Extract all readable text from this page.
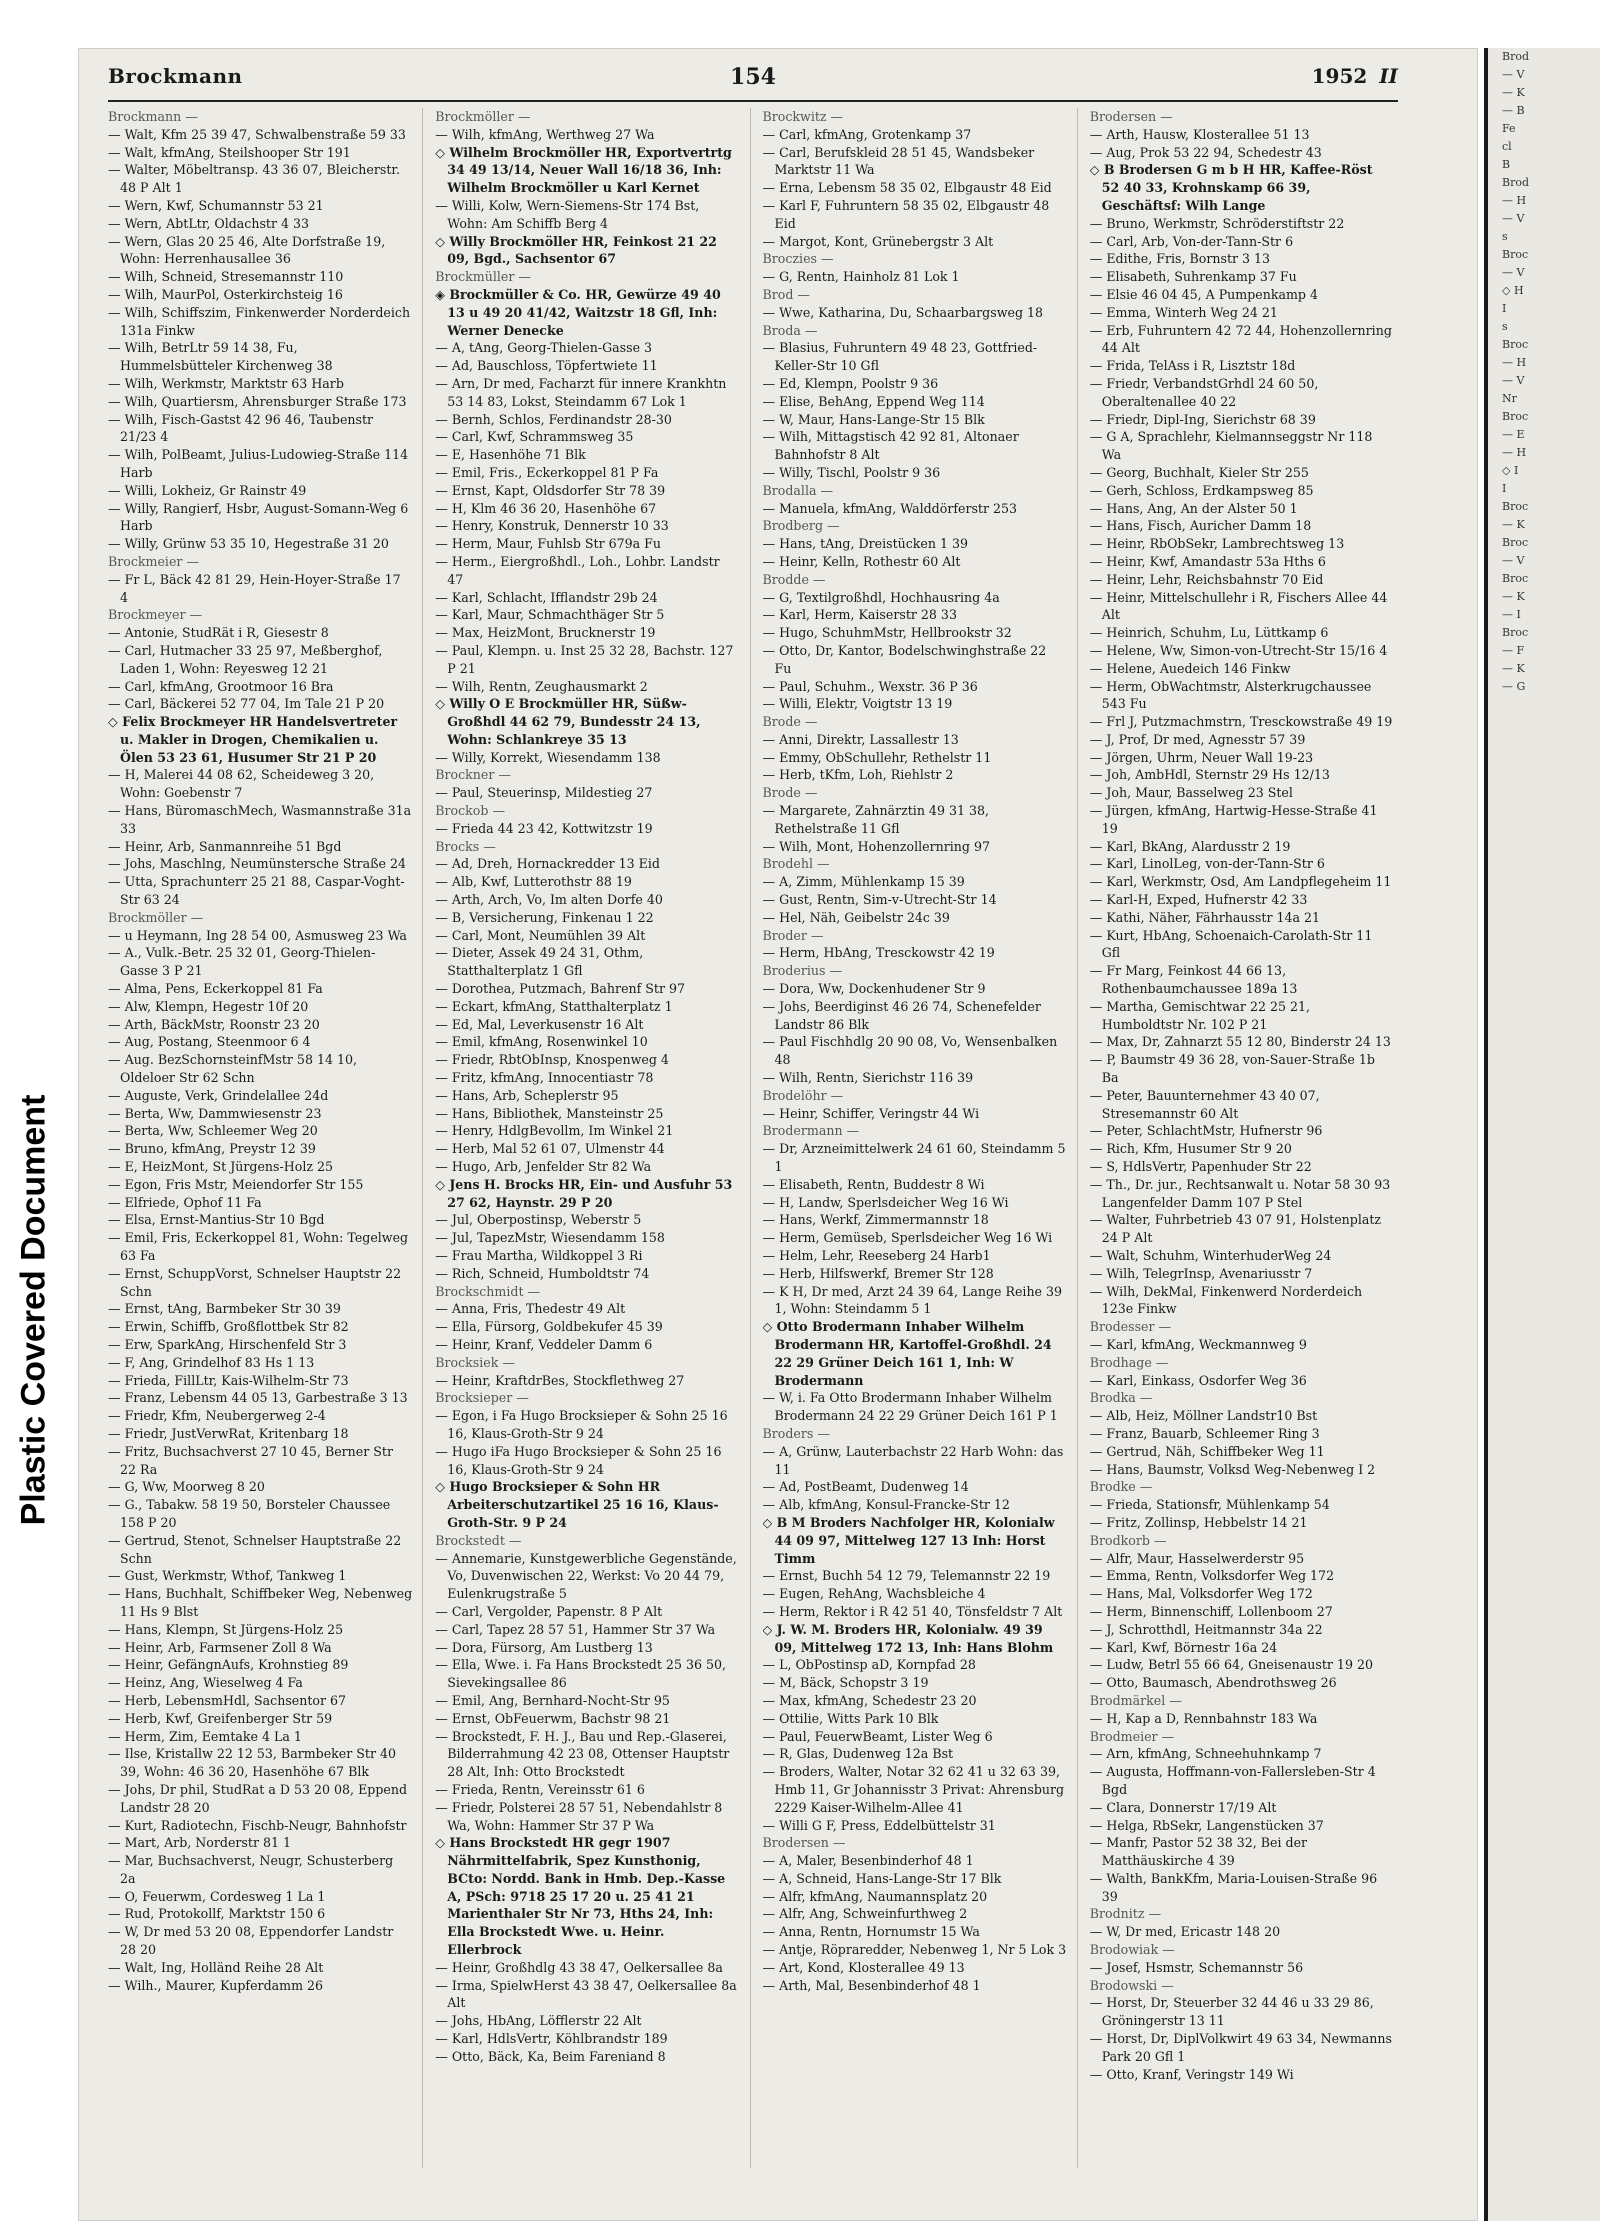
Plastic Covered Document
Brod
— V
— K
— B
Fe
cl
B
Brod
— H
— V
s
Broc
— V
◇ H
I
s
Broc
— H
— V
Nr
Broc
— E
— H
◇ I
I
Broc
— K
Broc
— V
Broc
— K
— I
Broc
— F
— K
— G
Brockmann	154	1952 II
Brockmann —
— Walt, Kfm 25 39 47, Schwalbenstraße 59 33
— Walt, kfmAng, Steilshooper Str 191
— Walter, Möbeltransp. 43 36 07, Bleicherstr. 48 P Alt 1
— Wern, Kwf, Schumannstr 53 21
— Wern, AbtLtr, Oldachstr 4 33
— Wern, Glas 20 25 46, Alte Dorfstraße 19, Wohn: Herrenhausallee 36
— Wilh, Schneid, Stresemannstr 110
— Wilh, MaurPol, Osterkirchsteig 16
— Wilh, Schiffszim, Finkenwerder Norderdeich 131a Finkw
— Wilh, BetrLtr 59 14 38, Fu, Hummelsbütteler Kirchenweg 38
— Wilh, Werkmstr, Marktstr 63 Harb
— Wilh, Quartiersm, Ahrensburger Straße 173
— Wilh, Fisch-Gastst 42 96 46, Taubenstr 21/23 4
— Wilh, PolBeamt, Julius-Ludowieg-Straße 114 Harb
— Willi, Lokheiz, Gr Rainstr 49
— Willy, Rangierf, Hsbr, August-Somann-Weg 6 Harb
— Willy, Grünw 53 35 10, Hegestraße 31 20
Brockmeier —
— Fr L, Bäck 42 81 29, Hein-Hoyer-Straße 17 4
Brockmeyer —
— Antonie, StudRät i R, Giesestr 8
— Carl, Hutmacher 33 25 97, Meßberghof, Laden 1, Wohn: Reyesweg 12 21
— Carl, kfmAng, Grootmoor 16 Bra
— Carl, Bäckerei 52 77 04, Im Tale 21 P 20
◇ Felix Brockmeyer HR Handelsvertreter u. Makler in Drogen, Chemikalien u. Ölen 53 23 61, Husumer Str 21 P 20
— H, Malerei 44 08 62, Scheideweg 3 20, Wohn: Goebenstr 7
— Hans, BüromaschMech, Wasmannstraße 31a 33
— Heinr, Arb, Sanmannreihe 51 Bgd
— Johs, Maschlng, Neumünstersche Straße 24
— Utta, Sprachunterr 25 21 88, Caspar-Voght-Str 63 24
Brockmöller —
— u Heymann, Ing 28 54 00, Asmusweg 23 Wa
— A., Vulk.-Betr. 25 32 01, Georg-Thielen-Gasse 3 P 21
— Alma, Pens, Eckerkoppel 81 Fa
— Alw, Klempn, Hegestr 10f 20
— Arth, BäckMstr, Roonstr 23 20
— Aug, Postang, Steenmoor 6 4
— Aug. BezSchornsteinfMstr 58 14 10, Oldeloer Str 62 Schn
— Auguste, Verk, Grindelallee 24d
— Berta, Ww, Dammwiesenstr 23
— Berta, Ww, Schleemer Weg 20
— Bruno, kfmAng, Preystr 12 39
— E, HeizMont, St Jürgens-Holz 25
— Egon, Fris Mstr, Meiendorfer Str 155
— Elfriede, Ophof 11 Fa
— Elsa, Ernst-Mantius-Str 10 Bgd
— Emil, Fris, Eckerkoppel 81, Wohn: Tegelweg 63 Fa
— Ernst, SchuppVorst, Schnelser Hauptstr 22 Schn
— Ernst, tAng, Barmbeker Str 30 39
— Erwin, Schiffb, Großflottbek Str 82
— Erw, SparkAng, Hirschenfeld Str 3
— F, Ang, Grindelhof 83 Hs 1 13
— Frieda, FillLtr, Kais-Wilhelm-Str 73
— Franz, Lebensm 44 05 13, Garbestraße 3 13
— Friedr, Kfm, Neubergerweg 2-4
— Friedr, JustVerwRat, Kritenbarg 18
— Fritz, Buchsachverst 27 10 45, Berner Str 22 Ra
— G, Ww, Moorweg 8 20
— G., Tabakw. 58 19 50, Borsteler Chaussee 158 P 20
— Gertrud, Stenot, Schnelser Hauptstraße 22 Schn
— Gust, Werkmstr, Wthof, Tankweg 1
— Hans, Buchhalt, Schiffbeker Weg, Nebenweg 11 Hs 9 Blst
— Hans, Klempn, St Jürgens-Holz 25
— Heinr, Arb, Farmsener Zoll 8 Wa
— Heinr, GefängnAufs, Krohnstieg 89
— Heinz, Ang, Wieselweg 4 Fa
— Herb, LebensmHdl, Sachsentor 67
— Herb, Kwf, Greifenberger Str 59
— Herm, Zim, Eemtake 4 La 1
— Ilse, Kristallw 22 12 53, Barmbeker Str 40 39, Wohn: 46 36 20, Hasenhöhe 67 Blk
— Johs, Dr phil, StudRat a D 53 20 08, Eppend Landstr 28 20
— Kurt, Radiotechn, Fischb-Neugr, Bahnhofstr
— Mart, Arb, Norderstr 81 1
— Mar, Buchsachverst, Neugr, Schusterberg 2a
— O, Feuerwm, Cordesweg 1 La 1
— Rud, Protokollf, Marktstr 150 6
— W, Dr med 53 20 08, Eppendorfer Landstr 28 20
— Walt, Ing, Holländ Reihe 28 Alt
— Wilh., Maurer, Kupferdamm 26
Brockmöller —
— Wilh, kfmAng, Werthweg 27 Wa
◇ Wilhelm Brockmöller HR, Exportvertrtg 34 49 13/14, Neuer Wall 16/18 36, Inh: Wilhelm Brockmöller u Karl Kernet
— Willi, Kolw, Wern-Siemens-Str 174 Bst, Wohn: Am Schiffb Berg 4
◇ Willy Brockmöller HR, Feinkost 21 22 09, Bgd., Sachsentor 67
Brockmüller —
◈ Brockmüller & Co. HR, Gewürze 49 40 13 u 49 20 41/42, Waitzstr 18 Gfl, Inh: Werner Denecke
— A, tAng, Georg-Thielen-Gasse 3
— Ad, Bauschloss, Töpfertwiete 11
— Arn, Dr med, Facharzt für innere Krankhtn 53 14 83, Lokst, Steindamm 67 Lok 1
— Bernh, Schlos, Ferdinandstr 28-30
— Carl, Kwf, Schrammsweg 35
— E, Hasenhöhe 71 Blk
— Emil, Fris., Eckerkoppel 81 P Fa
— Ernst, Kapt, Oldsdorfer Str 78 39
— H, Klm 46 36 20, Hasenhöhe 67
— Henry, Konstruk, Dennerstr 10 33
— Herm, Maur, Fuhlsb Str 679a Fu
— Herm., Eiergroßhdl., Loh., Lohbr. Landstr 47
— Karl, Schlacht, Ifflandstr 29b 24
— Karl, Maur, Schmachthäger Str 5
— Max, HeizMont, Brucknerstr 19
— Paul, Klempn. u. Inst 25 32 28, Bachstr. 127 P 21
— Wilh, Rentn, Zeughausmarkt 2
◇ Willy O E Brockmüller HR, Süßw-Großhdl 44 62 79, Bundesstr 24 13, Wohn: Schlankreye 35 13
— Willy, Korrekt, Wiesendamm 138
Brockner —
— Paul, Steuerinsp, Mildestieg 27
Brockob —
— Frieda 44 23 42, Kottwitzstr 19
Brocks —
— Ad, Dreh, Hornackredder 13 Eid
— Alb, Kwf, Lutterothstr 88 19
— Arth, Arch, Vo, Im alten Dorfe 40
— B, Versicherung, Finkenau 1 22
— Carl, Mont, Neumühlen 39 Alt
— Dieter, Assek 49 24 31, Othm, Statthalterplatz 1 Gfl
— Dorothea, Putzmach, Bahrenf Str 97
— Eckart, kfmAng, Statthalterplatz 1
— Ed, Mal, Leverkusenstr 16 Alt
— Emil, kfmAng, Rosenwinkel 10
— Friedr, RbtObInsp, Knospenweg 4
— Fritz, kfmAng, Innocentiastr 78
— Hans, Arb, Scheplerstr 95
— Hans, Bibliothek, Mansteinstr 25
— Henry, HdlgBevollm, Im Winkel 21
— Herb, Mal 52 61 07, Ulmenstr 44
— Hugo, Arb, Jenfelder Str 82 Wa
◇ Jens H. Brocks HR, Ein- und Ausfuhr 53 27 62, Haynstr. 29 P 20
— Jul, Oberpostinsp, Weberstr 5
— Jul, TapezMstr, Wiesendamm 158
— Frau Martha, Wildkoppel 3 Ri
— Rich, Schneid, Humboldtstr 74
Brockschmidt —
— Anna, Fris, Thedestr 49 Alt
— Ella, Fürsorg, Goldbekufer 45 39
— Heinr, Kranf, Veddeler Damm 6
Brocksiek —
— Heinr, KraftdrBes, Stockflethweg 27
Brocksieper —
— Egon, i Fa Hugo Brocksieper & Sohn 25 16 16, Klaus-Groth-Str 9 24
— Hugo iFa Hugo Brocksieper & Sohn 25 16 16, Klaus-Groth-Str 9 24
◇ Hugo Brocksieper & Sohn HR Arbeiterschutzartikel 25 16 16, Klaus-Groth-Str. 9 P 24
Brockstedt —
— Annemarie, Kunstgewerbliche Gegenstände, Vo, Duvenwischen 22, Werkst: Vo 20 44 79, Eulenkrugstraße 5
— Carl, Vergolder, Papenstr. 8 P Alt
— Carl, Tapez 28 57 51, Hammer Str 37 Wa
— Dora, Fürsorg, Am Lustberg 13
— Ella, Wwe. i. Fa Hans Brockstedt 25 36 50, Sievekingsallee 86
— Emil, Ang, Bernhard-Nocht-Str 95
— Ernst, ObFeuerwm, Bachstr 98 21
— Brockstedt, F. H. J., Bau und Rep.-Glaserei, Bilderrahmung 42 23 08, Ottenser Hauptstr 28 Alt, Inh: Otto Brockstedt
— Frieda, Rentn, Vereinsstr 61 6
— Friedr, Polsterei 28 57 51, Nebendahlstr 8 Wa, Wohn: Hammer Str 37 P Wa
◇ Hans Brockstedt HR gegr 1907 Nährmittelfabrik, Spez Kunsthonig, BCto: Nordd. Bank in Hmb. Dep.-Kasse A, PSch: 9718 25 17 20 u. 25 41 21 Marienthaler Str Nr 73, Hths 24, Inh: Ella Brockstedt Wwe. u. Heinr. Ellerbrock
— Heinr, Großhdlg 43 38 47, Oelkersallee 8a
— Irma, SpielwHerst 43 38 47, Oelkersallee 8a Alt
— Johs, HbAng, Löfflerstr 22 Alt
— Karl, HdlsVertr, Köhlbrandstr 189
— Otto, Bäck, Ka, Beim Fareniand 8
Brockwitz —
— Carl, kfmAng, Grotenkamp 37
— Carl, Berufskleid 28 51 45, Wandsbeker Marktstr 11 Wa
— Erna, Lebensm 58 35 02, Elbgaustr 48 Eid
— Karl F, Fuhruntern 58 35 02, Elbgaustr 48 Eid
— Margot, Kont, Grünebergstr 3 Alt
Broczies —
— G, Rentn, Hainholz 81 Lok 1
Brod —
— Wwe, Katharina, Du, Schaarbargsweg 18
Broda —
— Blasius, Fuhruntern 49 48 23, Gottfried-Keller-Str 10 Gfl
— Ed, Klempn, Poolstr 9 36
— Elise, BehAng, Eppend Weg 114
— W, Maur, Hans-Lange-Str 15 Blk
— Wilh, Mittagstisch 42 92 81, Altonaer Bahnhofstr 8 Alt
— Willy, Tischl, Poolstr 9 36
Brodalla —
— Manuela, kfmAng, Walddörferstr 253
Brodberg —
— Hans, tAng, Dreistücken 1 39
— Heinr, Kelln, Rothestr 60 Alt
Brodde —
— G, Textilgroßhdl, Hochhausring 4a
— Karl, Herm, Kaiserstr 28 33
— Hugo, SchuhmMstr, Hellbrookstr 32
— Otto, Dr, Kantor, Bodelschwinghstraße 22 Fu
— Paul, Schuhm., Wexstr. 36 P 36
— Willi, Elektr, Voigtstr 13 19
Brode —
— Anni, Direktr, Lassallestr 13
— Emmy, ObSchullehr, Rethelstr 11
— Herb, tKfm, Loh, Riehlstr 2
Brode —
— Margarete, Zahnärztin 49 31 38, Rethelstraße 11 Gfl
— Wilh, Mont, Hohenzollernring 97
Brodehl —
— A, Zimm, Mühlenkamp 15 39
— Gust, Rentn, Sim-v-Utrecht-Str 14
— Hel, Näh, Geibelstr 24c 39
Broder —
— Herm, HbAng, Tresckowstr 42 19
Broderius —
— Dora, Ww, Dockenhudener Str 9
— Johs, Beerdiginst 46 26 74, Schenefelder Landstr 86 Blk
— Paul Fischhdlg 20 90 08, Vo, Wensenbalken 48
— Wilh, Rentn, Sierichstr 116 39
Brodelöhr —
— Heinr, Schiffer, Veringstr 44 Wi
Brodermann —
— Dr, Arzneimittelwerk 24 61 60, Steindamm 5 1
— Elisabeth, Rentn, Buddestr 8 Wi
— H, Landw, Sperlsdeicher Weg 16 Wi
— Hans, Werkf, Zimmermannstr 18
— Herm, Gemüseb, Sperlsdeicher Weg 16 Wi
— Helm, Lehr, Reeseberg 24 Harb1
— Herb, Hilfswerkf, Bremer Str 128
— K H, Dr med, Arzt 24 39 64, Lange Reihe 39 1, Wohn: Steindamm 5 1
◇ Otto Brodermann Inhaber Wilhelm Brodermann HR, Kartoffel-Großhdl. 24 22 29 Grüner Deich 161 1, Inh: W Brodermann
— W, i. Fa Otto Brodermann Inhaber Wilhelm Brodermann 24 22 29 Grüner Deich 161 P 1
Broders —
— A, Grünw, Lauterbachstr 22 Harb Wohn: das 11
— Ad, PostBeamt, Dudenweg 14
— Alb, kfmAng, Konsul-Francke-Str 12
◇ B M Broders Nachfolger HR, Kolonialw 44 09 97, Mittelweg 127 13 Inh: Horst Timm
— Ernst, Buchh 54 12 79, Telemannstr 22 19
— Eugen, RehAng, Wachsbleiche 4
— Herm, Rektor i R 42 51 40, Tönsfeldstr 7 Alt
◇ J. W. M. Broders HR, Kolonialw. 49 39 09, Mittelweg 172 13, Inh: Hans Blohm
— L, ObPostinsp aD, Kornpfad 28
— M, Bäck, Schopstr 3 19
— Max, kfmAng, Schedestr 23 20
— Ottilie, Witts Park 10 Blk
— Paul, FeuerwBeamt, Lister Weg 6
— R, Glas, Dudenweg 12a Bst
— Broders, Walter, Notar 32 62 41 u 32 63 39, Hmb 11, Gr Johannisstr 3 Privat: Ahrensburg 2229 Kaiser-Wilhelm-Allee 41
— Willi G F, Press, Eddelbüttelstr 31
Brodersen —
— A, Maler, Besenbinderhof 48 1
— A, Schneid, Hans-Lange-Str 17 Blk
— Alfr, kfmAng, Naumannsplatz 20
— Alfr, Ang, Schweinfurthweg 2
— Anna, Rentn, Hornumstr 15 Wa
— Antje, Röpraredder, Nebenweg 1, Nr 5 Lok 3
— Art, Kond, Klosterallee 49 13
— Arth, Mal, Besenbinderhof 48 1
Brodersen —
— Arth, Hausw, Klosterallee 51 13
— Aug, Prok 53 22 94, Schedestr 43
◇ B Brodersen G m b H HR, Kaffee-Röst 52 40 33, Krohnskamp 66 39, Geschäftsf: Wilh Lange
— Bruno, Werkmstr, Schröderstiftstr 22
— Carl, Arb, Von-der-Tann-Str 6
— Edithe, Fris, Bornstr 3 13
— Elisabeth, Suhrenkamp 37 Fu
— Elsie 46 04 45, A Pumpenkamp 4
— Emma, Winterh Weg 24 21
— Erb, Fuhruntern 42 72 44, Hohenzollernring 44 Alt
— Frida, TelAss i R, Lisztstr 18d
— Friedr, VerbandstGrhdl 24 60 50, Oberaltenallee 40 22
— Friedr, Dipl-Ing, Sierichstr 68 39
— G A, Sprachlehr, Kielmannseggstr Nr 118 Wa
— Georg, Buchhalt, Kieler Str 255
— Gerh, Schloss, Erdkampsweg 85
— Hans, Ang, An der Alster 50 1
— Hans, Fisch, Auricher Damm 18
— Heinr, RbObSekr, Lambrechtsweg 13
— Heinr, Kwf, Amandastr 53a Hths 6
— Heinr, Lehr, Reichsbahnstr 70 Eid
— Heinr, Mittelschullehr i R, Fischers Allee 44 Alt
— Heinrich, Schuhm, Lu, Lüttkamp 6
— Helene, Ww, Simon-von-Utrecht-Str 15/16 4
— Helene, Auedeich 146 Finkw
— Herm, ObWachtmstr, Alsterkrugchaussee 543 Fu
— Frl J, Putzmachmstrn, Tresckowstraße 49 19
— J, Prof, Dr med, Agnesstr 57 39
— Jörgen, Uhrm, Neuer Wall 19-23
— Joh, AmbHdl, Sternstr 29 Hs 12/13
— Joh, Maur, Basselweg 23 Stel
— Jürgen, kfmAng, Hartwig-Hesse-Straße 41 19
— Karl, BkAng, Alardusstr 2 19
— Karl, LinolLeg, von-der-Tann-Str 6
— Karl, Werkmstr, Osd, Am Landpflegeheim 11
— Karl-H, Exped, Hufnerstr 42 33
— Kathi, Näher, Fährhausstr 14a 21
— Kurt, HbAng, Schoenaich-Carolath-Str 11 Gfl
— Fr Marg, Feinkost 44 66 13, Rothenbaumchaussee 189a 13
— Martha, Gemischtwar 22 25 21, Humboldtstr Nr. 102 P 21
— Max, Dr, Zahnarzt 55 12 80, Binderstr 24 13
— P, Baumstr 49 36 28, von-Sauer-Straße 1b Ba
— Peter, Bauunternehmer 43 40 07, Stresemannstr 60 Alt
— Peter, SchlachtMstr, Hufnerstr 96
— Rich, Kfm, Husumer Str 9 20
— S, HdlsVertr, Papenhuder Str 22
— Th., Dr. jur., Rechtsanwalt u. Notar 58 30 93 Langenfelder Damm 107 P Stel
— Walter, Fuhrbetrieb 43 07 91, Holstenplatz 24 P Alt
— Walt, Schuhm, WinterhuderWeg 24
— Wilh, TelegrInsp, Avenariusstr 7
— Wilh, DekMal, Finkenwerd Norderdeich 123e Finkw
Brodesser —
— Karl, kfmAng, Weckmannweg 9
Brodhage —
— Karl, Einkass, Osdorfer Weg 36
Brodka —
— Alb, Heiz, Möllner Landstr10 Bst
— Franz, Bauarb, Schleemer Ring 3
— Gertrud, Näh, Schiffbeker Weg 11
— Hans, Baumstr, Volksd Weg-Nebenweg I 2
Brodke —
— Frieda, Stationsfr, Mühlenkamp 54
— Fritz, Zollinsp, Hebbelstr 14 21
Brodkorb —
— Alfr, Maur, Hasselwerderstr 95
— Emma, Rentn, Volksdorfer Weg 172
— Hans, Mal, Volksdorfer Weg 172
— Herm, Binnenschiff, Lollenboom 27
— J, Schrotthdl, Heitmannstr 34a 22
— Karl, Kwf, Börnestr 16a 24
— Ludw, Betrl 55 66 64, Gneisenaustr 19 20
— Otto, Baumasch, Abendrothsweg 26
Brodmärkel —
— H, Kap a D, Rennbahnstr 183 Wa
Brodmeier —
— Arn, kfmAng, Schneehuhnkamp 7
— Augusta, Hoffmann-von-Fallersleben-Str 4 Bgd
— Clara, Donnerstr 17/19 Alt
— Helga, RbSekr, Langenstücken 37
— Manfr, Pastor 52 38 32, Bei der Matthäuskirche 4 39
— Walth, BankKfm, Maria-Louisen-Straße 96 39
Brodnitz —
— W, Dr med, Ericastr 148 20
Brodowiak —
— Josef, Hsmstr, Schemannstr 56
Brodowski —
— Horst, Dr, Steuerber 32 44 46 u 33 29 86, Gröningerstr 13 11
— Horst, Dr, DiplVolkwirt 49 63 34, Newmanns Park 20 Gfl 1
— Otto, Kranf, Veringstr 149 Wi
